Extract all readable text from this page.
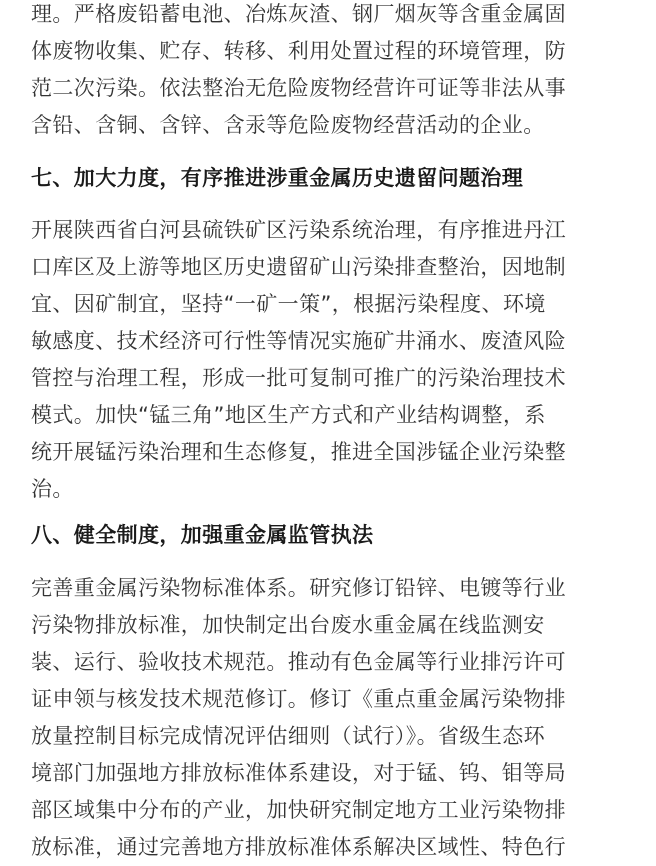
理。严格废铅蓄电池、冶炼灰渣、钢厂烟灰等含重金属固
体废物收集、贮存、转移、利用处置过程的环境管理，防
范二次污染。依法整治无危险废物经营许可证等非法从事
含铅、含铜、含锌、含汞等危险废物经营活动的企业。
七、加大力度，有序推进涉重金属历史遗留问题治理
开展陕西省白河县硫铁矿区污染系统治理，有序推进丹江
口库区及上游等地区历史遗留矿山污染排查整治，因地制
宜、因矿制宜，坚持“一矿一策”，根据污染程度、环境
敏感度、技术经济可行性等情况实施矿井涌水、废渣风险
管控与治理工程，形成一批可复制可推广的污染治理技术
模式。加快“锰三角”地区生产方式和产业结构调整，系
统开展锰污染治理和生态修复，推进全国涉锰企业污染整
治。
八、健全制度，加强重金属监管执法
完善重金属污染物标准体系。研究修订铅锌、电镀等行业
污染物排放标准，加快制定出台废水重金属在线监测安
装、运行、验收技术规范。推动有色金属等行业排污许可
证申领与核发技术规范修订。修订《重点重金属污染物排
放量控制目标完成情况评估细则（试行）》。省级生态环
境部门加强地方排放标准体系建设，对于锰、钨、钼等局
部区域集中分布的产业，加快研究制定地方工业污染物排
放标准，通过完善地方排放标准体系解决区域性、特色行
